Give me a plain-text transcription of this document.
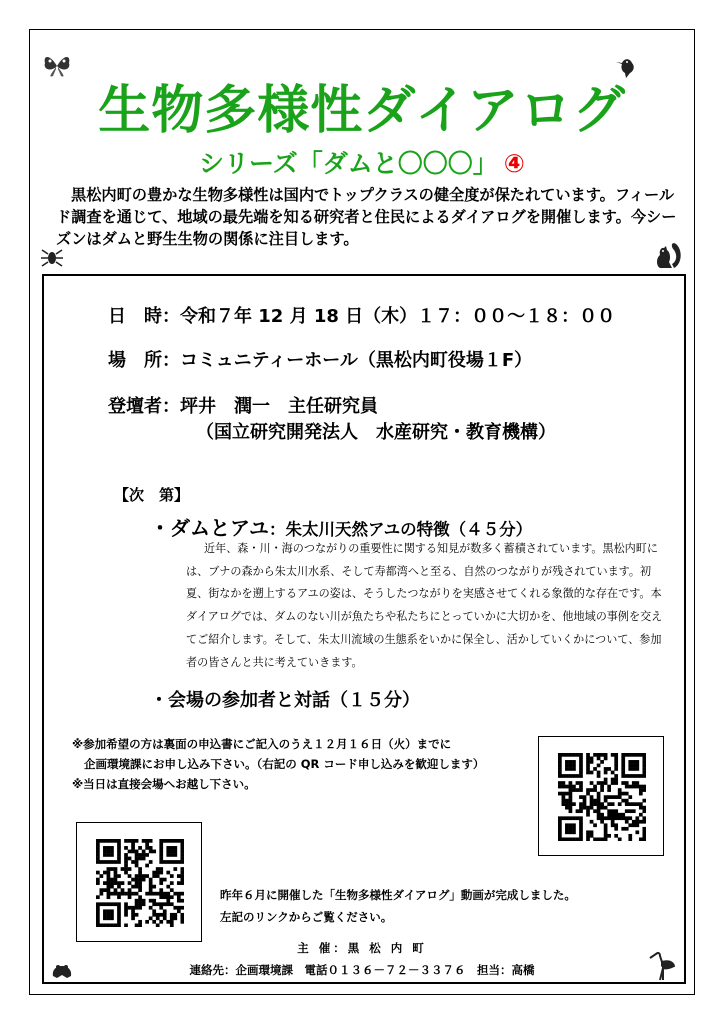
生物多様性ダイアログ
シリーズ「ダムと〇〇〇」 ④
黒松内町の豊かな生物多様性は国内でトップクラスの健全度が保たれています。フィールド調査を通じて、地域の最先端を知る研究者と住民によるダイアログを開催します。今シーズンはダムと野生生物の関係に注目します。
日　時：令和７年 12 月 18 日（木）１７：００～１８：００
場　所：コミュニティーホール（黒松内町役場１F）
登壇者：坪井　潤一　主任研究員
（国立研究開発法人　水産研究・教育機構）
【次　第】
・ダムとアユ：朱太川天然アユの特徴（４５分）
近年、森・川・海のつながりの重要性に関する知見が数多く蓄積されています。黒松内町には、ブナの森から朱太川水系、そして寿都湾へと至る、自然のつながりが残されています。初夏、街なかを遡上するアユの姿は、そうしたつながりを実感させてくれる象徴的な存在です。本ダイアログでは、ダムのない川が魚たちや私たちにとっていかに大切かを、他地域の事例を交えてご紹介します。そして、朱太川流域の生態系をいかに保全し、活かしていくかについて、参加者の皆さんと共に考えていきます。
・会場の参加者と対話（１５分）
※参加希望の方は裏面の申込書にご記入のうえ１２月１６日（火）までに
企画環境課にお申し込み下さい。（右記の QR コード申し込みを歓迎します）
※当日は直接会場へお越し下さい。
昨年６月に開催した「生物多様性ダイアログ」動画が完成しました。
左記のリンクからご覧ください。
主 催：黒 松 内 町
連絡先：企画環境課　電話０１３６－７２－３３７６　担当：高橋
